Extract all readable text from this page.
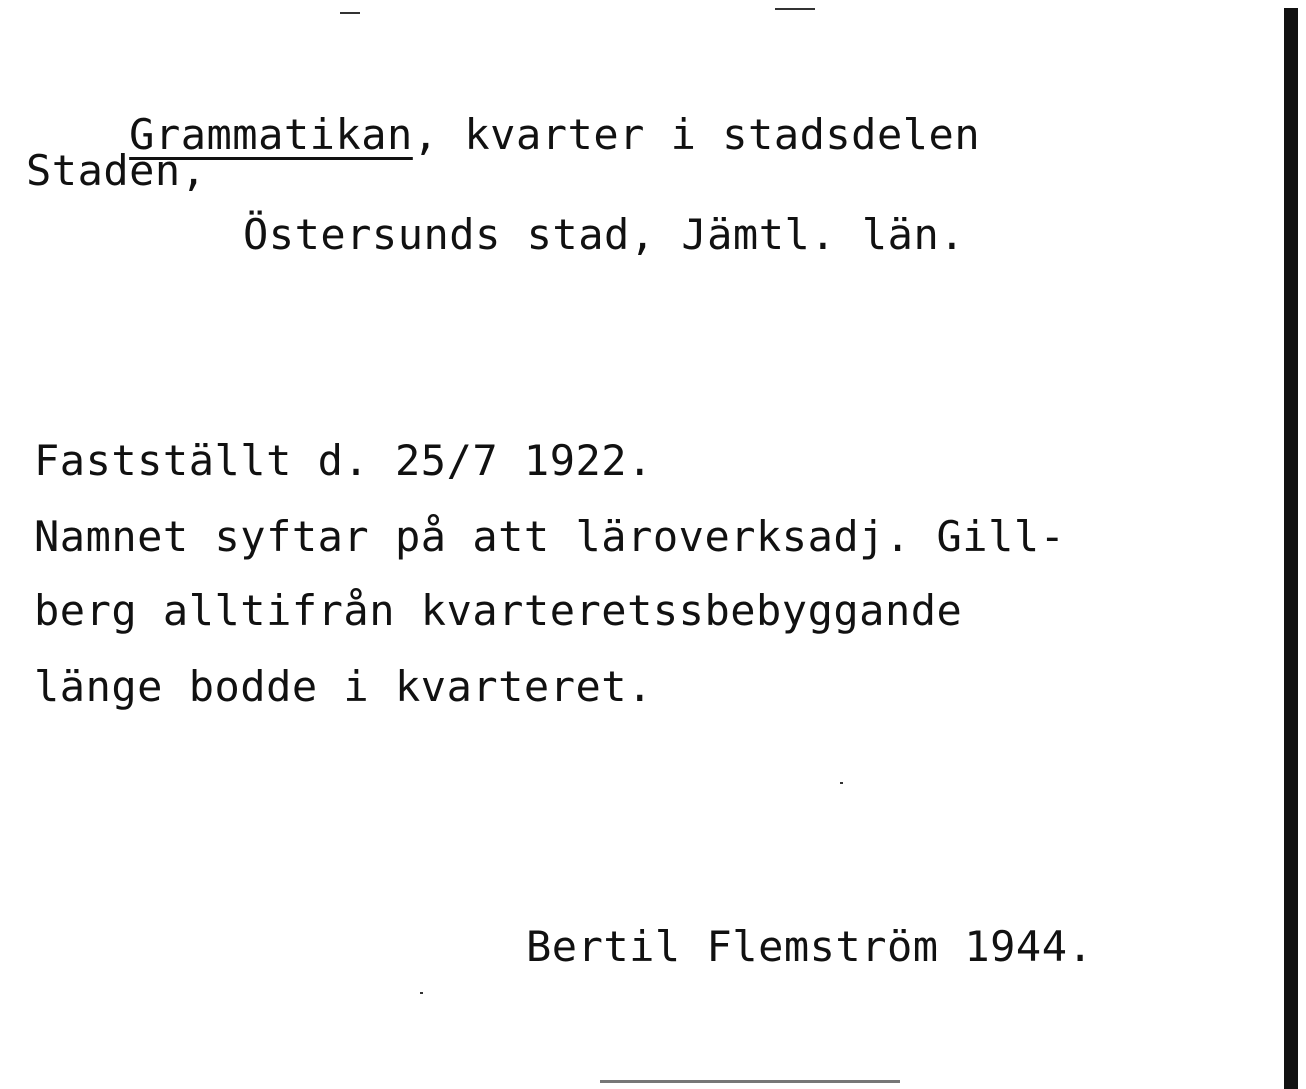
Grammatikan, kvarter i stadsdelen

Staden,
Östersunds stad, Jämtl. län.
Fastställt d. 25/7 1922.
Namnet syftar på att läroverksadj. Gill-
berg alltifrån kvarteretssbebyggande
länge bodde i kvarteret.
Bertil Flemström 1944.
